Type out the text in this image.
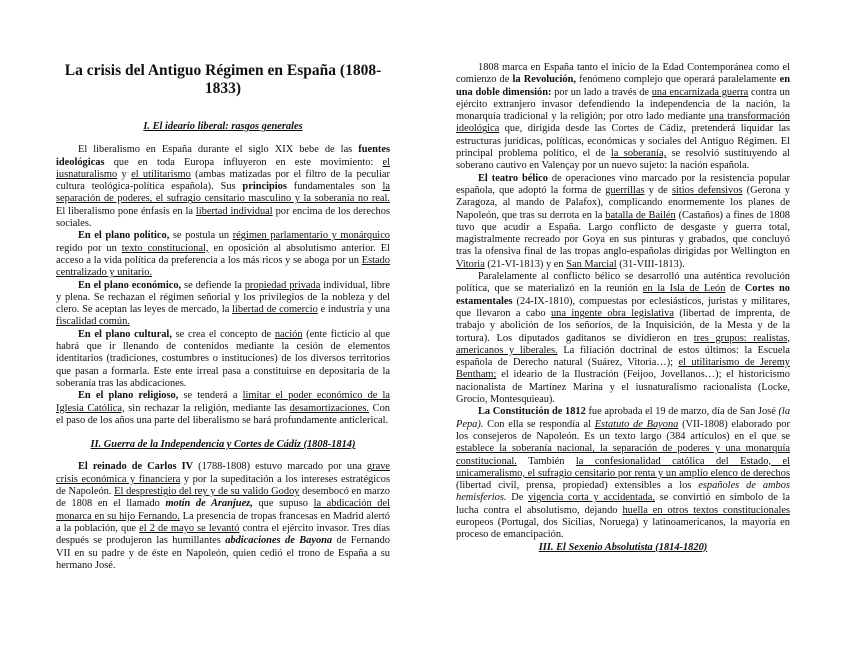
La crisis del Antiguo Régimen en España (1808-1833)
I. El ideario liberal: rasgos generales

El liberalismo en España durante el siglo XIX bebe de las fuentes ideológicas que en toda Europa influyeron en este movimiento: el iusnaturalismo y el utilitarismo (ambas matizadas por el filtro de la peculiar cultura teológica-política española). Sus principios fundamentales son la separación de poderes, el sufragio censitario masculino y la soberanía no real. El liberalismo pone énfasis en la libertad individual por encima de los derechos sociales.

En el plano político, se postula un régimen parlamentario y monárquico regido por un texto constitucional, en oposición al absolutismo anterior. El acceso a la vida política da preferencia a los más ricos y se aboga por un Estado centralizado y unitario.

En el plano económico, se defiende la propiedad privada individual, libre y plena. Se rechazan el régimen señorial y los privilegios de la nobleza y del clero. Se aceptan las leyes de mercado, la libertad de comercio e industria y una fiscalidad común.

En el plano cultural, se crea el concepto de nación (ente ficticio al que habrá que ir llenando de contenidos mediante la cesión de elementos identitarios (tradiciones, costumbres o instituciones) de los diversos territorios que pasan a formarla. Este ente irreal pasa a constituirse en depositaria de la soberanía tras las abdicaciones.

En el plano religioso, se tenderá a limitar el poder económico de la Iglesia Católica, sin rechazar la religión, mediante las desamortizaciones. Con el paso de los años una parte del liberalismo se hará profundamente anticlerical.

II. Guerra de la Independencia y Cortes de Cádiz (1808-1814)

El reinado de Carlos IV (1788-1808) estuvo marcado por una grave crisis económica y financiera y por la supeditación a los intereses estratégicos de Napoleón. El desprestigio del rey y de su valido Godoy desembocó en marzo de 1808 en el llamado motín de Aranjuez, que supuso la abdicación del monarca en su hijo Fernando. La presencia de tropas francesas en Madrid alertó a la población, que el 2 de mayo se levantó contra el ejército invasor. Tres días después se produjeron las humillantes abdicaciones de Bayona de Fernando VII en su padre y de éste en Napoleón, quien cedió el trono de España a su hermano José.

1808 marca en España tanto el inicio de la Edad Contemporánea como el comienzo de la Revolución, fenómeno complejo que operará paralelamente en una doble dimensión: por un lado a través de una encarnizada guerra contra un ejército extranjero invasor defendiendo la independencia de la nación, la monarquía tradicional y la religión; por otro lado mediante una transformación ideológica que, dirigida desde las Cortes de Cádiz, pretenderá liquidar las estructuras jurídicas, políticas, económicas y sociales del Antiguo Régimen. El principal problema político, el de la soberanía, se resolvió sustituyendo al soberano cautivo en Valençay por un nuevo sujeto: la nación española.

El teatro bélico de operaciones vino marcado por la resistencia popular española, que adoptó la forma de guerrillas y de sitios defensivos (Gerona y Zaragoza, al mando de Palafox), complicando enormemente los planes de Napoleón, que tras su derrota en la batalla de Bailén (Castaños) a fines de 1808 tuvo que acudir a España. Largo conflicto de desgaste y guerra total, magistralmente recreado por Goya en sus pinturas y grabados, que concluyó tras la ofensiva final de las tropas anglo-españolas dirigidas por Wellington en Vitoria (21-VI-1813) y en San Marcial (31-VIII-1813).

Paralelamente al conflicto bélico se desarrolló una auténtica revolución política, que se materializó en la reunión en la Isla de León de Cortes no estamentales (24-IX-1810), compuestas por eclesiásticos, juristas y militares, que llevaron a cabo una ingente obra legislativa (libertad de imprenta, de trabajo y abolición de los señoríos, de la Inquisición, de la Mesta y de la tortura). Los diputados gaditanos se dividieron en tres grupos: realistas, americanos y liberales. La filiación doctrinal de estos últimos: la Escuela española de Derecho natural (Suárez, Vitoria…); el utilitarismo de Jeremy Bentham; el ideario de la Ilustración (Feijoo, Jovellanos…); el historicismo nacionalista de Martínez Marina y el iusnaturalismo racionalista (Locke, Grocio, Montesquieau).

La Constitución de 1812 fue aprobada el 19 de marzo, día de San José (la Pepa). Con ella se respondía al Estatuto de Bayona (VII-1808) elaborado por los consejeros de Napoleón. Es un texto largo (384 artículos) en el que se establece la soberanía nacional, la separación de poderes y una monarquía constitucional. También la confesionalidad católica del Estado, el unicameralismo, el sufragio censitario por renta y un amplio elenco de derechos (libertad civil, prensa, propiedad) extensibles a los españoles de ambos hemisferios. De vigencia corta y accidentada, se convirtió en símbolo de la lucha contra el absolutismo, dejando huella en otros textos constitucionales europeos (Portugal, dos Sicilias, Noruega) y latinoamericanos, la mayoría en proceso de emancipación.

III. El Sexenio Absolutista (1814-1820)
